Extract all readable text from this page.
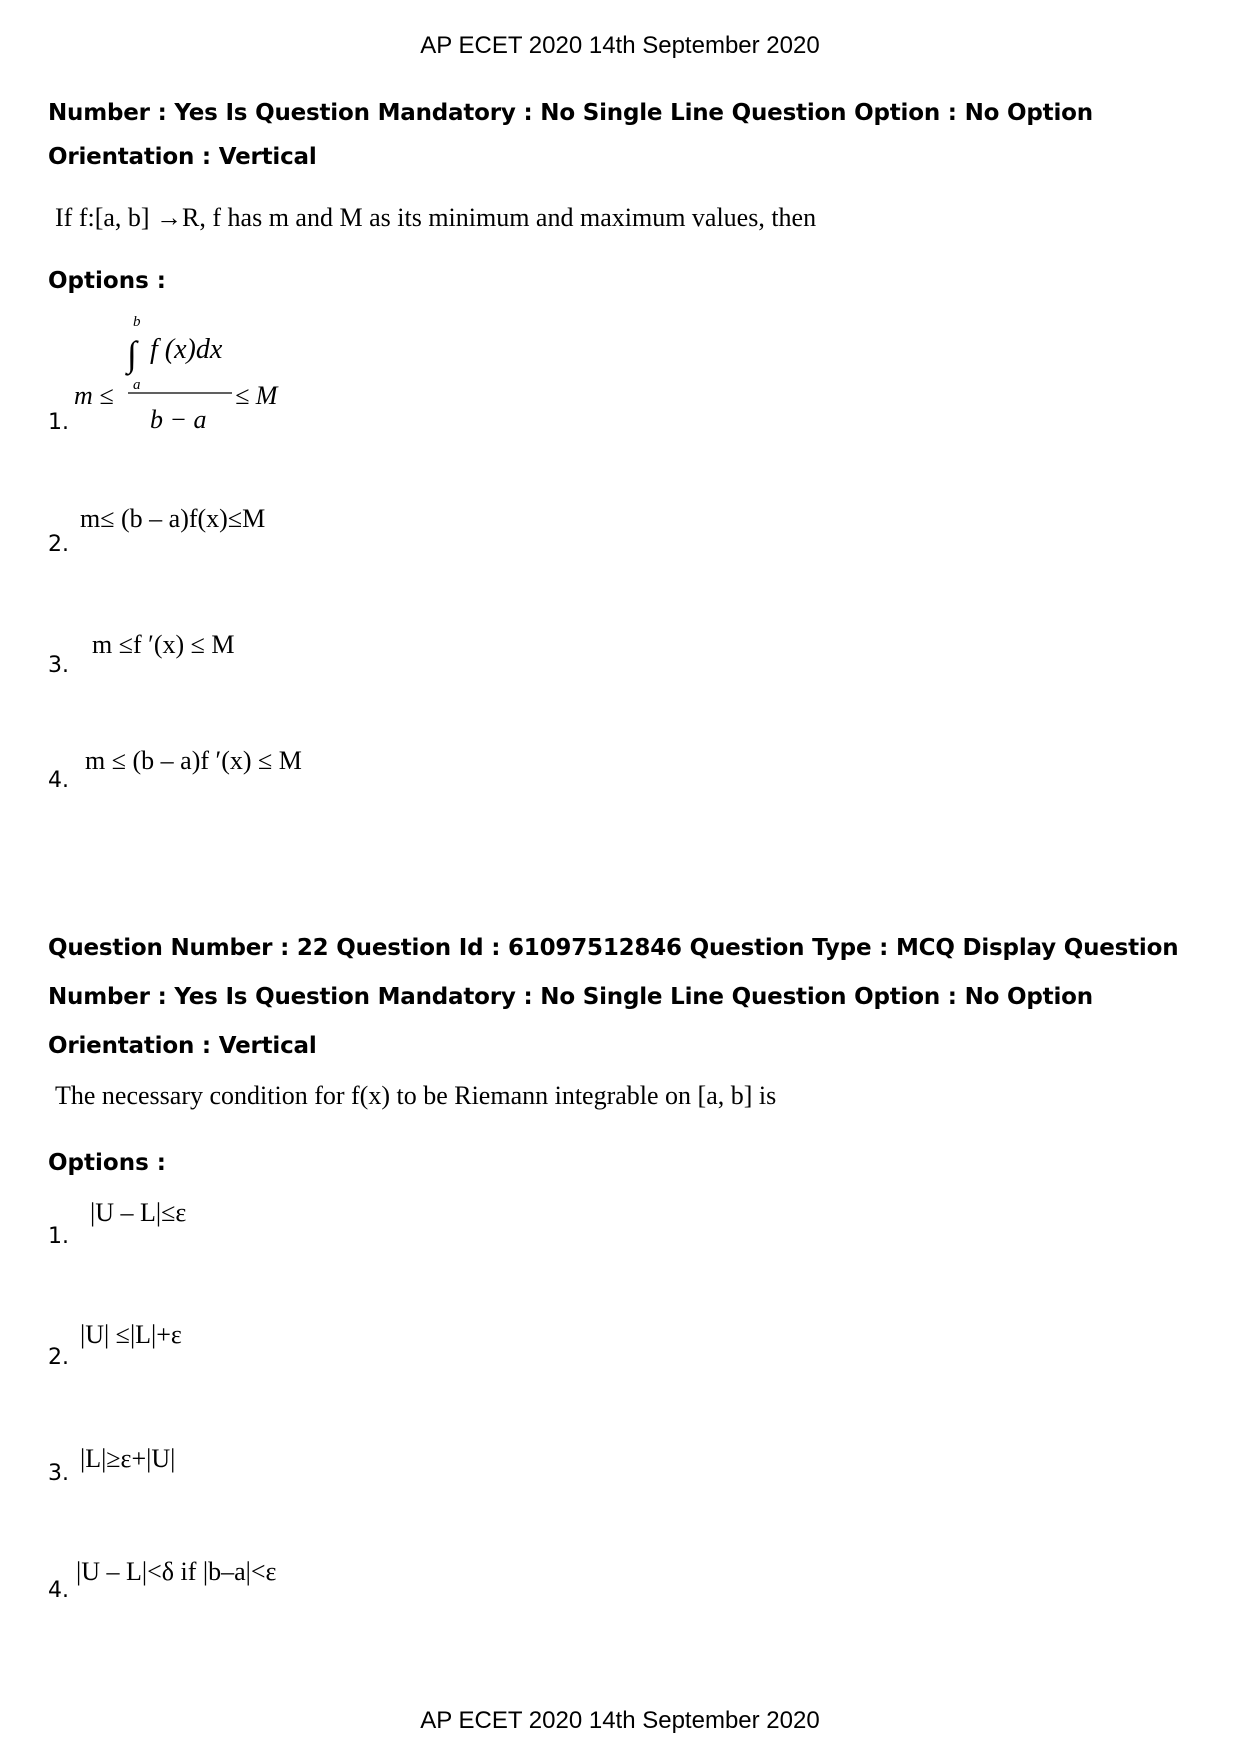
AP ECET 2020 14th September 2020
Number : Yes Is Question Mandatory : No Single Line Question Option : No Option
Orientation : Vertical
If f:[a, b] →R, f has m and M as its minimum and maximum values, then
Options :
1.
b
∫
a
f (x)dx
m ≤	≤ M
b − a
2.
m≤ (b – a)f(x)≤M
3.
m ≤f ′(x) ≤ M
4.
m ≤ (b – a)f ′(x) ≤ M
Question Number : 22 Question Id : 61097512846 Question Type : MCQ Display Question
Number : Yes Is Question Mandatory : No Single Line Question Option : No Option
Orientation : Vertical
The necessary condition for f(x) to be Riemann integrable on [a, b] is
Options :
1.
|U – L|≤ε
2.
|U| ≤|L|+ε
3.
|L|≥ε+|U|
4.
|U – L|<δ if |b–a|<ε
AP ECET 2020 14th September 2020
